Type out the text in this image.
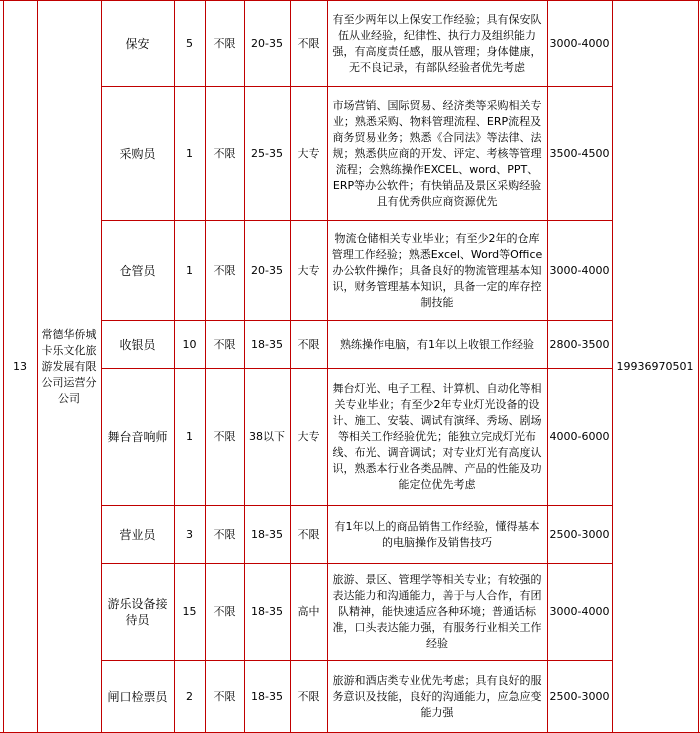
	13	常德华侨城卡乐文化旅游发展有限公司运营分公司	保安	5	不限	20-35	不限	有至少两年以上保安工作经验；具有保安队伍从业经验，纪律性、执行力及组织能力强，有高度责任感，服从管理；身体健康，无不良记录，有部队经验者优先考虑	3000-4000	19936970501	
			采购员	1	不限	25-35	大专	市场营销、国际贸易、经济类等采购相关专业；熟悉采购、物料管理流程、ERP流程及商务贸易业务；熟悉《合同法》等法律、法规；熟悉供应商的开发、评定、考核等管理流程；会熟练操作EXCEL、word、PPT、ERP等办公软件；有快销品及景区采购经验且有优秀供应商资源优先	3500-4500		
			仓管员	1	不限	20-35	大专	物流仓储相关专业毕业；有至少2年的仓库管理工作经验；熟悉Excel、Word等Office办公软件操作；具备良好的物流管理基本知识，财务管理基本知识，具备一定的库存控制技能	3000-4000		
			收银员	10	不限	18-35	不限	熟练操作电脑，有1年以上收银工作经验	2800-3500		
			舞台音响师	1	不限	38以下	大专	舞台灯光、电子工程、计算机、自动化等相关专业毕业；有至少2年专业灯光设备的设计、施工、安装、调试有演绎、秀场、剧场等相关工作经验优先；能独立完成灯光布线、布光、调音调试；对专业灯光有高度认识，熟悉本行业各类品牌、产品的性能及功能定位优先考虑	4000-6000		
			营业员	3	不限	18-35	不限	有1年以上的商品销售工作经验，懂得基本的电脑操作及销售技巧	2500-3000		
			游乐设备接待员	15	不限	18-35	高中	旅游、景区、管理学等相关专业；有较强的表达能力和沟通能力，善于与人合作，有团队精神，能快速适应各种环境；普通话标准，口头表达能力强，有服务行业相关工作经验	3000-4000		
			闸口检票员	2	不限	18-35	不限	旅游和酒店类专业优先考虑；具有良好的服务意识及技能，良好的沟通能力，应急应变能力强	2500-3000		
